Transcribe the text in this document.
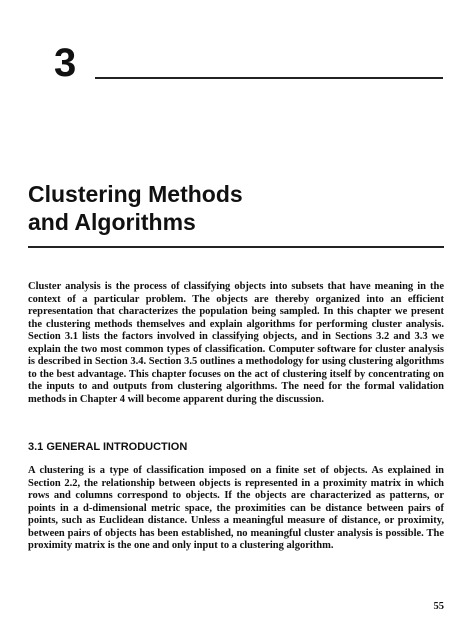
3
Clustering Methods
and Algorithms

Cluster analysis is the process of classifying objects into subsets that have meaning in the context of a particular problem. The objects are thereby organized into an efficient representation that characterizes the population being sampled. In this chapter we present the clustering methods themselves and explain algorithms for performing cluster analysis. Section 3.1 lists the factors involved in classifying objects, and in Sections 3.2 and 3.3 we explain the two most common types of classification. Computer software for cluster analysis is described in Section 3.4. Section 3.5 outlines a methodology for using clustering algorithms to the best advantage. This chapter focuses on the act of clustering itself by concentrating on the inputs to and outputs from clustering algorithms. The need for the formal validation methods in Chapter 4 will become apparent during the discussion.

3.1 GENERAL INTRODUCTION

A clustering is a type of classification imposed on a finite set of objects. As explained in Section 2.2, the relationship between objects is represented in a proximity matrix in which rows and columns correspond to objects. If the objects are characterized as patterns, or points in a d-dimensional metric space, the proximities can be distance between pairs of points, such as Euclidean distance. Unless a meaningful measure of distance, or proximity, between pairs of objects has been established, no meaningful cluster analysis is possible. The proximity matrix is the one and only input to a clustering algorithm.

55
